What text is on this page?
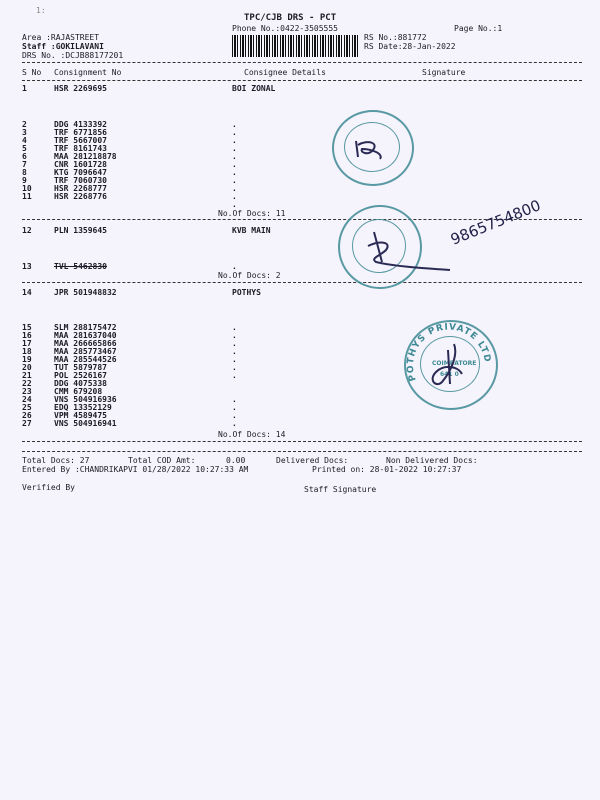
1:
TPC/CJB DRS - PCT
Phone No.:0422-3505555	Page No.:1
Area :RAJASTREET
Staff :GOKILAVANI
DRS No. :DCJB88177201
RS No.:881772
RS Date:28-Jan-2022
S No Consignment No	Consignee Details	Signature
1	HSR 2269695	BOI ZONAL
2	DDG 4133392	.
3	TRF 6771856	.
4	TRF 5667007	.
5	TRF 8161743	.
6	MAA 281218878	.
7	CNR 1601728	.
8	KTG 7096647	.
9	TRF 7060730	.
10	HSR 2268777	.
11	HSR 2268776	.
.
No.Of Docs: 11
12	PLN 1359645	KVB MAIN
13	TVL 5462830	.
No.Of Docs: 2
14	JPR 501948832	POTHYS
15	SLM 288175472	.
16	MAA 281637040	.
17	MAA 266665866	.
18	MAA 285773467	.
19	MAA 285544526	.
20	TUT 5879787	.
21	POL 2526167	.
22	DDG 4075338
23	CMM 679208
24	VNS 504916936	.
25	EDQ 13352129	.
26	VPM 4589475	.
27	VNS 504916941	.
No.Of Docs: 14
Total Docs: 27	Total COD Amt:	0.00	Delivered Docs:	Non Delivered Docs:
Entered By :CHANDRIKAPVI 01/28/2022 10:27:33 AM	Printed on: 28-01-2022 10:27:37
Verified By	Staff Signature
9865754800
POTHYS PRIVATE LTD
COIMBATORE
641 0
